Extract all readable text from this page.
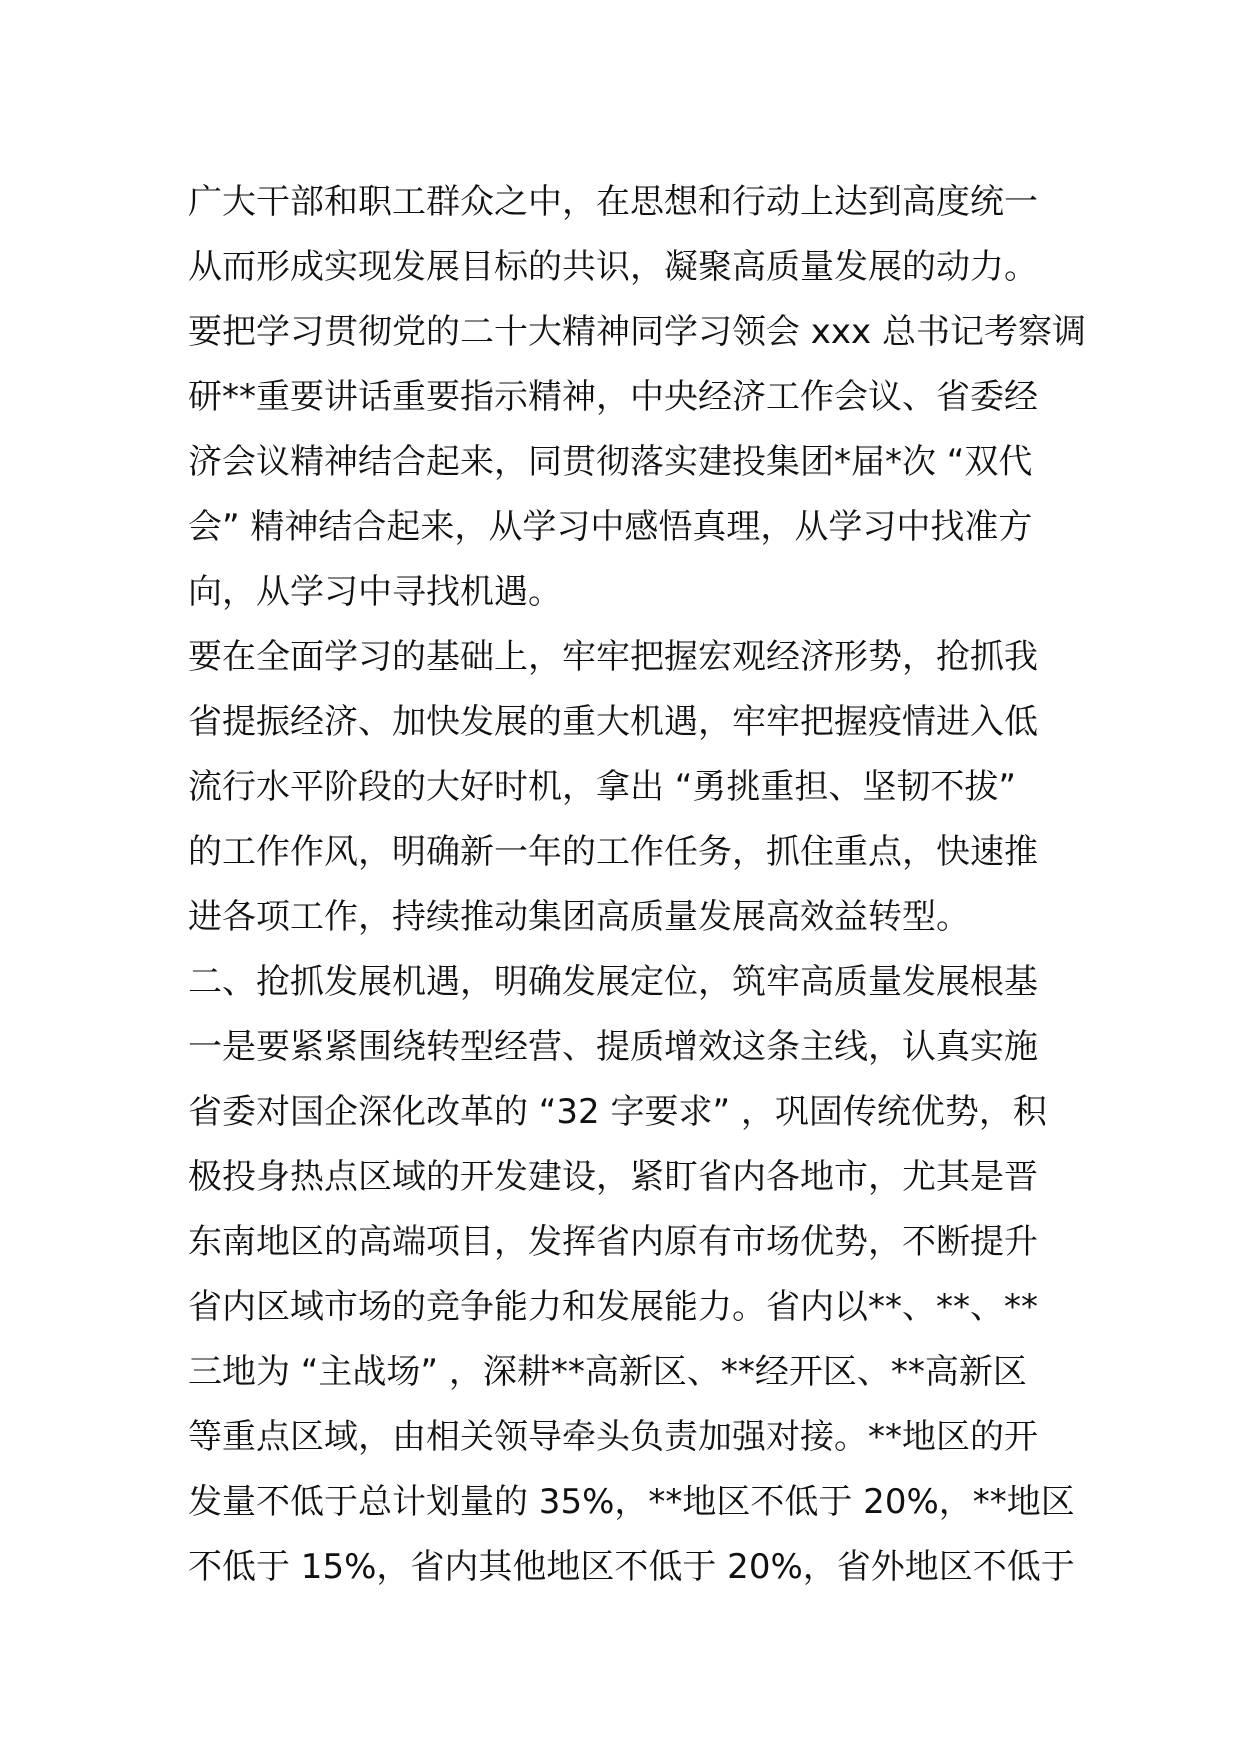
广大干部和职工群众之中，在思想和行动上达到高度统一
从而形成实现发展目标的共识，凝聚高质量发展的动力。
要把学习贯彻党的二十大精神同学习领会 xxx 总书记考察调
研**重要讲话重要指示精神，中央经济工作会议、省委经
济会议精神结合起来，同贯彻落实建投集团*届*次 “双代
会” 精神结合起来，从学习中感悟真理，从学习中找准方
向，从学习中寻找机遇。
要在全面学习的基础上，牢牢把握宏观经济形势，抢抓我
省提振经济、加快发展的重大机遇，牢牢把握疫情进入低
流行水平阶段的大好时机，拿出 “勇挑重担、坚韧不拔”
的工作作风，明确新一年的工作任务，抓住重点，快速推
进各项工作，持续推动集团高质量发展高效益转型。
二、抢抓发展机遇，明确发展定位，筑牢高质量发展根基
一是要紧紧围绕转型经营、提质增效这条主线，认真实施
省委对国企深化改革的 “32 字要求” ，巩固传统优势，积
极投身热点区域的开发建设，紧盯省内各地市，尤其是晋
东南地区的高端项目，发挥省内原有市场优势，不断提升
省内区域市场的竞争能力和发展能力。省内以**、**、**
三地为 “主战场” ，深耕**高新区、**经开区、**高新区
等重点区域，由相关领导牵头负责加强对接。**地区的开
发量不低于总计划量的 35%，**地区不低于 20%，**地区
不低于 15%，省内其他地区不低于 20%，省外地区不低于
